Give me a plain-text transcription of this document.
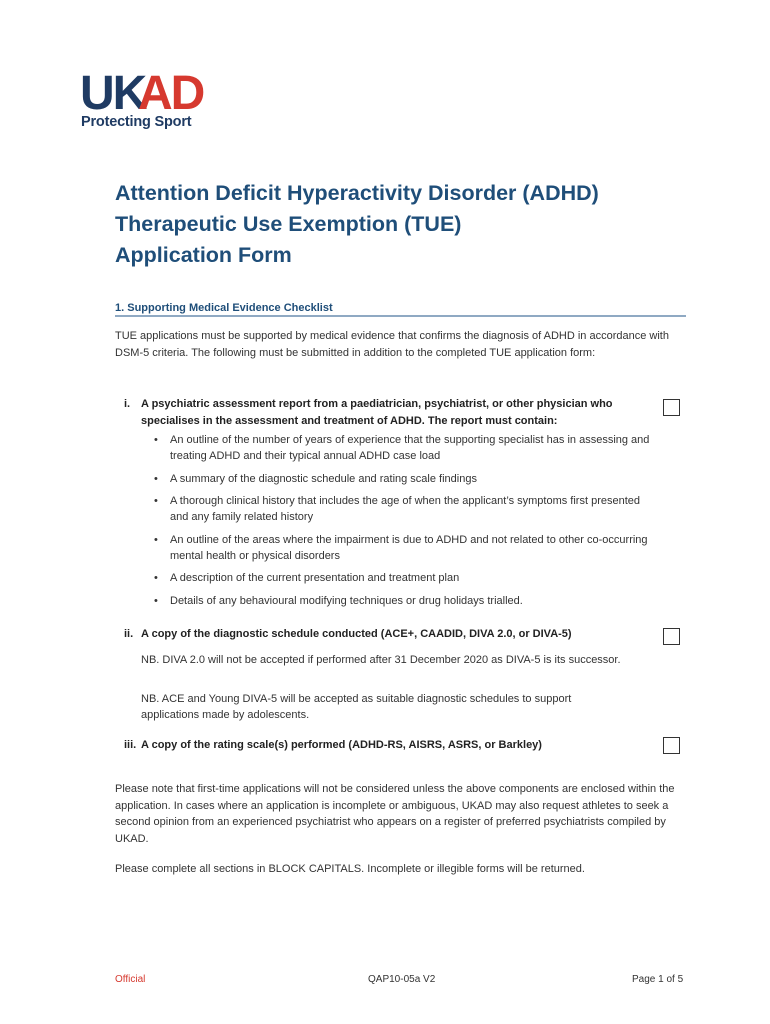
UK
AD
Protecting Sport
Attention Deficit Hyperactivity Disorder (ADHD)
Therapeutic Use Exemption (TUE)
Application Form
1. Supporting Medical Evidence Checklist
TUE applications must be supported by medical evidence that confirms the diagnosis of ADHD in accordance with DSM-5 criteria. The following must be submitted in addition to the completed TUE application form:
i. A psychiatric assessment report from a paediatrician, psychiatrist, or other physician who specialises in the assessment and treatment of ADHD. The report must contain:
• An outline of the number of years of experience that the supporting specialist has in assessing and treating ADHD and their typical annual ADHD case load
• A summary of the diagnostic schedule and rating scale findings
• A thorough clinical history that includes the age of when the applicant’s symptoms first presented and any family related history
• An outline of the areas where the impairment is due to ADHD and not related to other co-occurring mental health or physical disorders
• A description of the current presentation and treatment plan
• Details of any behavioural modifying techniques or drug holidays trialled.
ii. A copy of the diagnostic schedule conducted (ACE+, CAADID, DIVA 2.0, or DIVA-5)
NB. DIVA 2.0 will not be accepted if performed after 31 December 2020 as DIVA-5 is its successor.
NB. ACE and Young DIVA-5 will be accepted as suitable diagnostic schedules to support applications made by adolescents.
iii. A copy of the rating scale(s) performed (ADHD-RS, AISRS, ASRS, or Barkley)
Please note that first-time applications will not be considered unless the above components are enclosed within the application. In cases where an application is incomplete or ambiguous, UKAD may also request athletes to seek a second opinion from an experienced psychiatrist who appears on a register of preferred psychiatrists compiled by UKAD.
Please complete all sections in BLOCK CAPITALS. Incomplete or illegible forms will be returned.
Official	QAP10-05a V2	Page 1 of 5
